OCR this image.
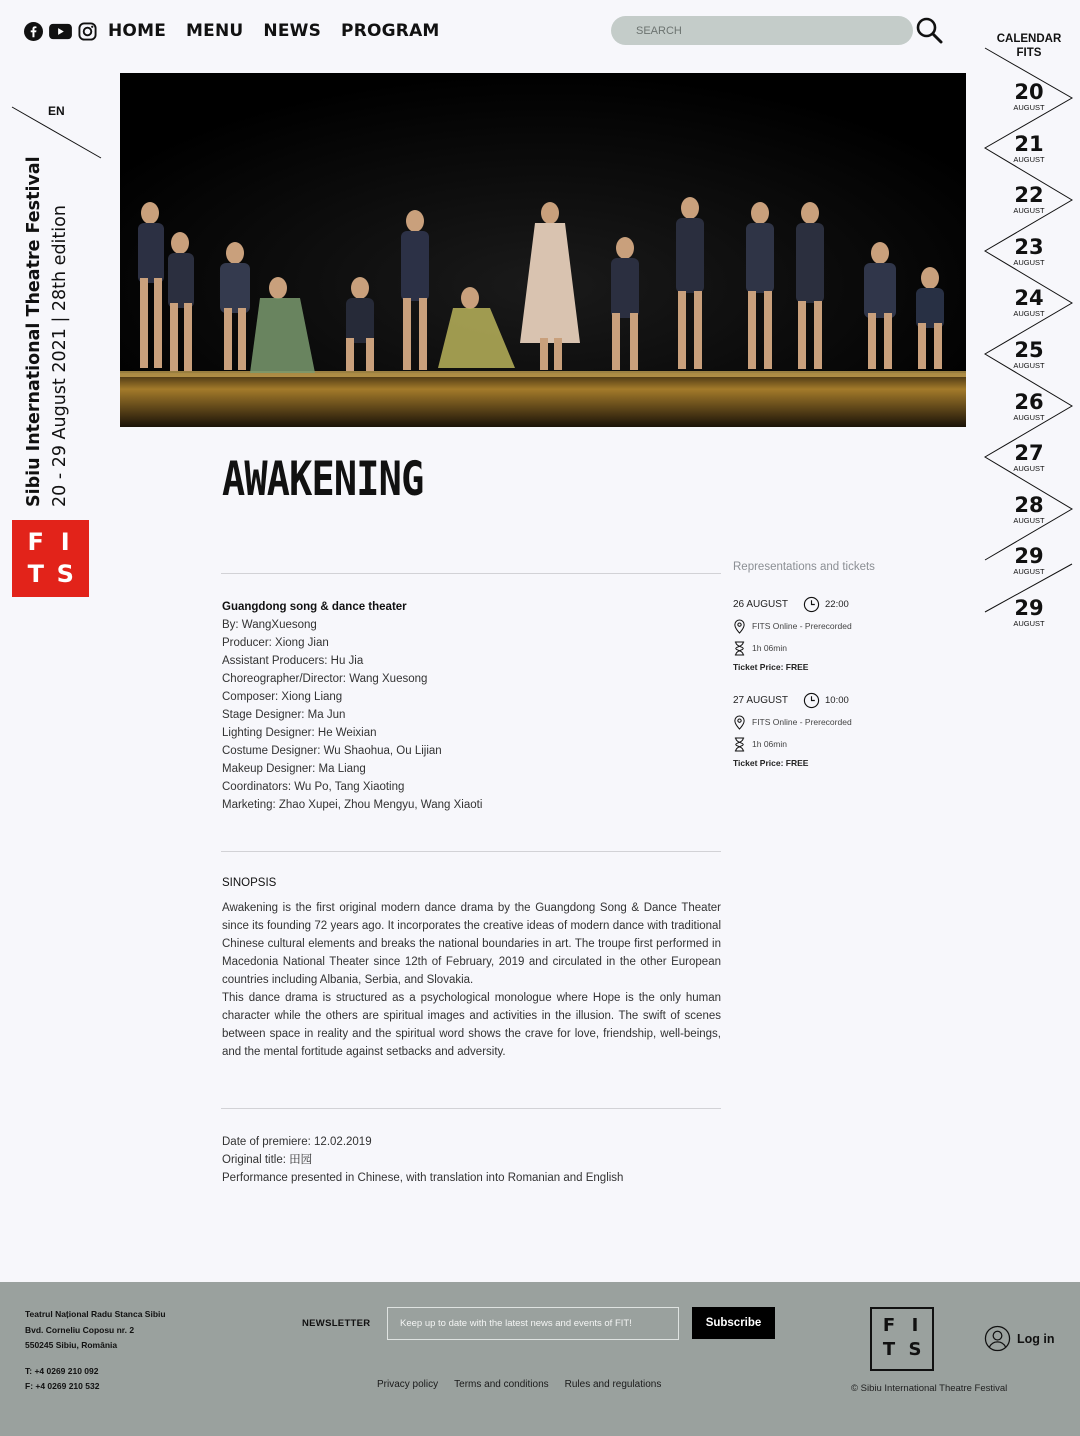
HOME MENU NEWS PROGRAM
SEARCH
EN
Sibiu International Theatre Festival 20 - 29 August 2021 | 28th edition
F I
T S
CALENDAR
FITS
20
AUGUST
21
AUGUST
22
AUGUST
23
AUGUST
24
AUGUST
25
AUGUST
26
AUGUST
27
AUGUST
28
AUGUST
29
AUGUST
29
AUGUST
AWAKENING
Guangdong song & dance theater
By: WangXuesong
Producer: Xiong Jian
Assistant Producers: Hu Jia
Choreographer/Director: Wang Xuesong
Composer: Xiong Liang
Stage Designer: Ma Jun
Lighting Designer: He Weixian
Costume Designer: Wu Shaohua, Ou Lijian
Makeup Designer: Ma Liang
Coordinators: Wu Po, Tang Xiaoting
Marketing: Zhao Xupei, Zhou Mengyu, Wang Xiaoti
Representations and tickets
26 AUGUST	22:00
FITS Online - Prerecorded
1h 06min
Ticket Price: FREE
27 AUGUST	10:00
FITS Online - Prerecorded
1h 06min
Ticket Price: FREE
SINOPSIS

Awakening is the first original modern dance drama by the Guangdong Song & Dance Theater since its founding 72 years ago. It incorporates the creative ideas of modern dance with traditional Chinese cultural elements and breaks the national boundaries in art. The troupe first performed in Macedonia National Theater since 12th of February, 2019 and circulated in the other European countries including Albania, Serbia, and Slovakia.

This dance drama is structured as a psychological monologue where Hope is the only human character while the others are spiritual images and activities in the illusion. The swift of scenes between space in reality and the spiritual word shows the crave for love, friendship, well-beings, and the mental fortitude against setbacks and adversity.

Date of premiere: 12.02.2019
Original title: 田园
Performance presented in Chinese, with translation into Romanian and English
Teatrul Național Radu Stanca Sibiu
Bvd. Corneliu Coposu nr. 2
550245 Sibiu, România
T: +4 0269 210 092
F: +4 0269 210 532
NEWSLETTER
Keep up to date with the latest news and events of FIT!	Subscribe
Privacy policy Terms and conditions Rules and regulations
F I
T S
Log in
© Sibiu International Theatre Festival
